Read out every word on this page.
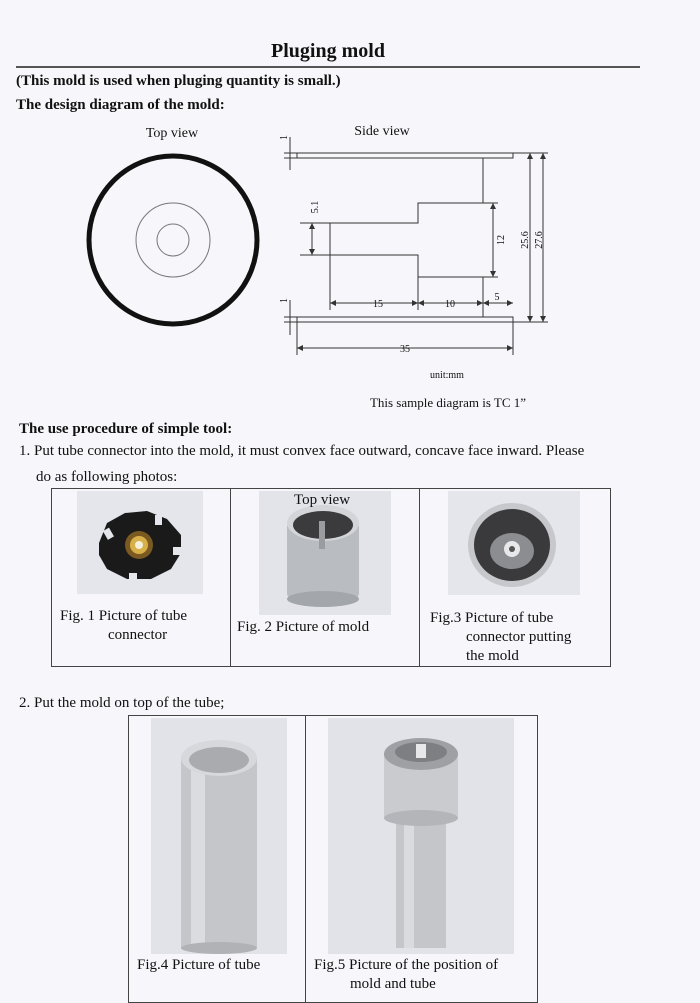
Pluging mold
(This mold is used when pluging quantity is small.)
The design diagram of the mold:
Top view	Side view
1
1
5.1
12 25.6 27.6
15	10
5
35
unit:mm
This sample diagram is TC 1”
The use procedure of simple tool:
1. Put tube connector into the mold, it must convex face outward, concave face inward. Please
do as following photos:
Fig. 1 Picture of tube
connector
Top view
Fig. 2 Picture of mold
Fig.3 Picture of tube
connector putting
the mold
2. Put the mold on top of the tube;
Fig.4 Picture of tube	Fig.5 Picture of the position of
mold and tube
